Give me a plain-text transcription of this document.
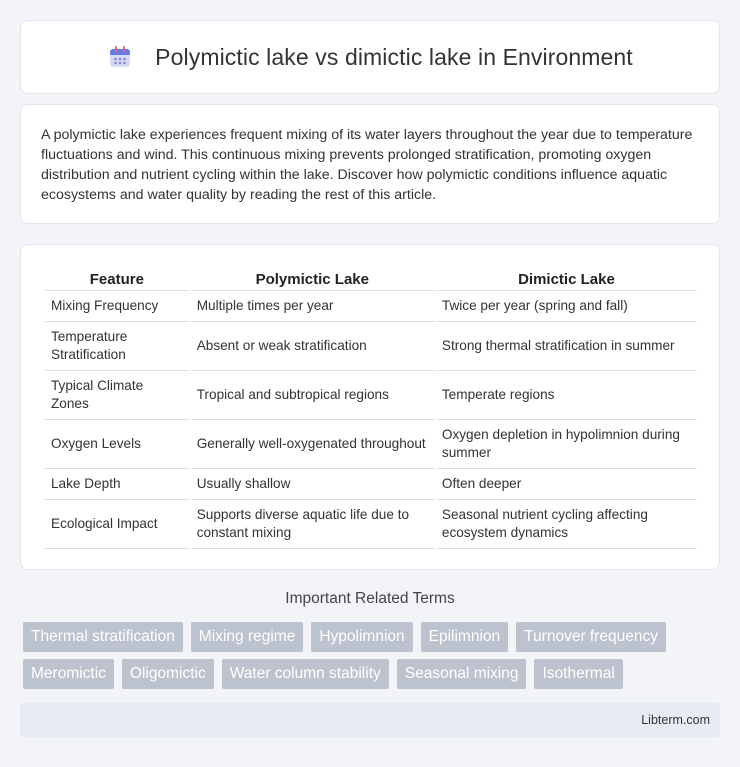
Polymictic lake vs dimictic lake in Environment

A polymictic lake experiences frequent mixing of its water layers throughout the year due to temperature fluctuations and wind. This continuous mixing prevents prolonged stratification, promoting oxygen distribution and nutrient cycling within the lake. Discover how polymictic conditions influence aquatic ecosystems and water quality by reading the rest of this article.

Feature	Polymictic Lake	Dimictic Lake
Mixing Frequency	Multiple times per year	Twice per year (spring and fall)
Temperature Stratification	Absent or weak stratification	Strong thermal stratification in summer
Typical Climate Zones	Tropical and subtropical regions	Temperate regions
Oxygen Levels	Generally well-oxygenated throughout	Oxygen depletion in hypolimnion during summer
Lake Depth	Usually shallow	Often deeper
Ecological Impact	Supports diverse aquatic life due to constant mixing	Seasonal nutrient cycling affecting ecosystem dynamics
Important Related Terms
Thermal stratification	Mixing regime	Hypolimnion	Epilimnion	Turnover frequency
Meromictic	Oligomictic	Water column stability	Seasonal mixing	Isothermal
Libterm.com
